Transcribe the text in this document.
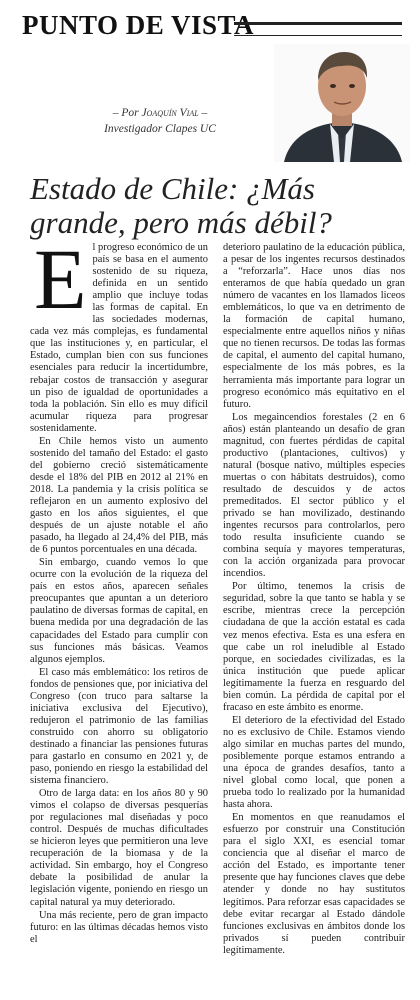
PUNTO DE VISTA
– Por Joaquín Vial –
Investigador Clapes UC
Estado de Chile: ¿Más grande, pero más débil?

El progreso económico de un país se basa en el aumento sostenido de su riqueza, definida en un sentido amplio que incluye todas las formas de capital. En las sociedades modernas, cada vez más complejas, es fundamental que las instituciones y, en particular, el Estado, cumplan bien con sus funciones esenciales para reducir la incertidumbre, rebajar costos de transacción y asegurar un piso de igualdad de oportunidades a toda la población. Sin ello es muy difícil acumular riqueza para progresar sostenidamente.

En Chile hemos visto un aumento sostenido del tamaño del Estado: el gasto del gobierno creció sistemáticamente desde el 18% del PIB en 2012 al 21% en 2018. La pandemia y la crisis política se reflejaron en un aumento explosivo del gasto en los años siguientes, el que después de un ajuste notable el año pasado, ha llegado al 24,4% del PIB, más de 6 puntos porcentuales en una década.

Sin embargo, cuando vemos lo que ocurre con la evolución de la riqueza del país en estos años, aparecen señales preocupantes que apuntan a un deterioro paulatino de diversas formas de capital, en buena medida por una degradación de las capacidades del Estado para cumplir con sus funciones más básicas. Veamos algunos ejemplos.

El caso más emblemático: los retiros de fondos de pensiones que, por iniciativa del Congreso (con truco para saltarse la iniciativa exclusiva del Ejecutivo), redujeron el patrimonio de las familias construido con ahorro su obligatorio destinado a financiar las pensiones futuras para gastarlo en consumo en 2021 y, de paso, poniendo en riesgo la estabilidad del sistema financiero.

Otro de larga data: en los años 80 y 90 vimos el colapso de diversas pesquerías por regulaciones mal diseñadas y poco control. Después de muchas dificultades se hicieron leyes que permitieron una leve recuperación de la biomasa y de la actividad. Sin embargo, hoy el Congreso debate la posibilidad de anular la legislación vigente, poniendo en riesgo un capital natural ya muy deteriorado.

Una más reciente, pero de gran impacto futuro: en las últimas décadas hemos visto el

deterioro paulatino de la educación pública, a pesar de los ingentes recursos destinados a “reforzarla”. Hace unos días nos enteramos de que había quedado un gran número de vacantes en los llamados liceos emblemáticos, lo que va en detrimento de la formación de capital humano, especialmente entre aquellos niños y niñas que no tienen recursos. De todas las formas de capital, el aumento del capital humano, especialmente de los más pobres, es la herramienta más importante para lograr un progreso económico más equitativo en el futuro.

Los megaincendios forestales (2 en 6 años) están planteando un desafío de gran magnitud, con fuertes pérdidas de capital productivo (plantaciones, cultivos) y natural (bosque nativo, múltiples especies muertas o con hábitats destruidos), como resultado de descuidos y de actos premeditados. El sector público y el privado se han movilizado, destinando ingentes recursos para controlarlos, pero todo resulta insuficiente cuando se combina sequía y mayores temperaturas, con la acción organizada para provocar incendios.

Por último, tenemos la crisis de seguridad, sobre la que tanto se habla y se escribe, mientras crece la percepción ciudadana de que la acción estatal es cada vez menos efectiva. Esta es una esfera en que cabe un rol ineludible al Estado porque, en sociedades civilizadas, es la única institución que puede aplicar legítimamente la fuerza en resguardo del bien común. La pérdida de capital por el fracaso en este ámbito es enorme.

El deterioro de la efectividad del Estado no es exclusivo de Chile. Estamos viendo algo similar en muchas partes del mundo, posiblemente porque estamos entrando a una época de grandes desafíos, tanto a nivel global como local, que ponen a prueba todo lo realizado por la humanidad hasta ahora.

En momentos en que reanudamos el esfuerzo por construir una Constitución para el siglo XXI, es esencial tomar conciencia que al diseñar el marco de acción del Estado, es importante tener presente que hay funciones claves que debe atender y donde no hay sustitutos legítimos. Para reforzar esas capacidades se debe evitar recargar al Estado dándole funciones exclusivas en ámbitos donde los privados sí pueden contribuir legítimamente.
